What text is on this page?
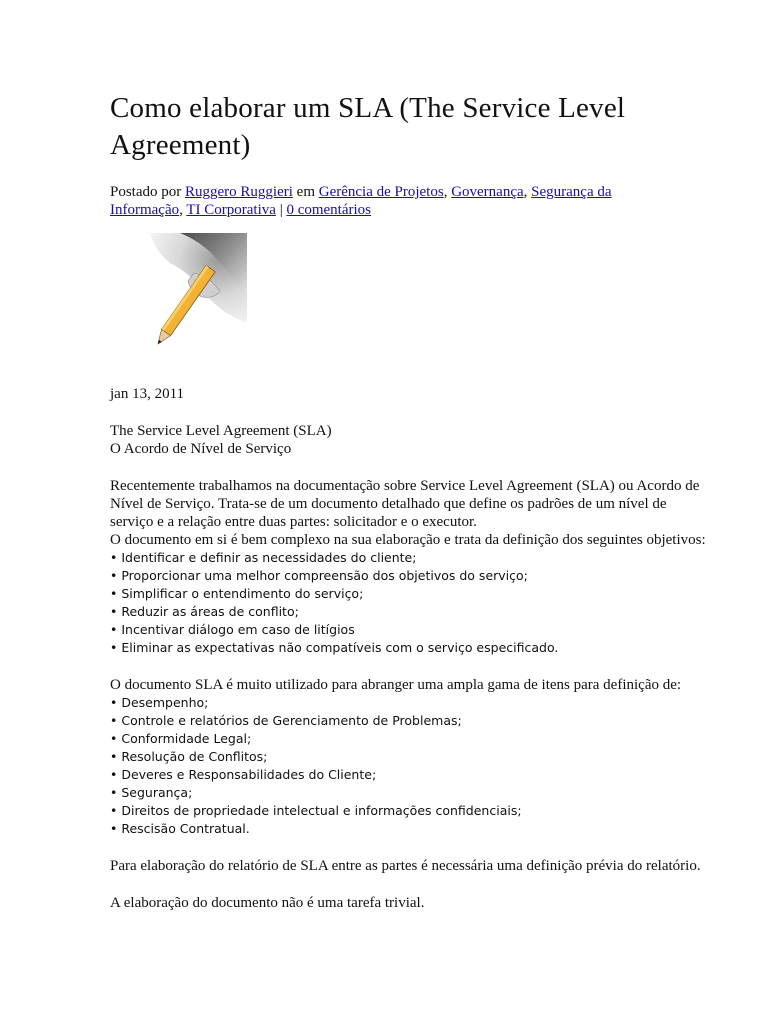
Como elaborar um SLA (The Service Level Agreement)
Postado por Ruggero Ruggieri em Gerência de Projetos, Governança, Segurança da Informação, TI Corporativa | 0 comentários
jan 13, 2011

The Service Level Agreement (SLA)

O Acordo de Nível de Serviço

Recentemente trabalhamos na documentação sobre Service Level Agreement (SLA) ou Acordo de Nível de Serviço. Trata-se de um documento detalhado que define os padrões de um nível de serviço e a relação entre duas partes: solicitador e o executor.

O documento em si é bem complexo na sua elaboração e trata da definição dos seguintes objetivos:

• Identificar e definir as necessidades do cliente;
• Proporcionar uma melhor compreensão dos objetivos do serviço;
• Simplificar o entendimento do serviço;
• Reduzir as áreas de conflito;
• Incentivar diálogo em caso de litígios
• Eliminar as expectativas não compatíveis com o serviço especificado.

O documento SLA é muito utilizado para abranger uma ampla gama de itens para definição de:

• Desempenho;
• Controle e relatórios de Gerenciamento de Problemas;
• Conformidade Legal;
• Resolução de Conflitos;
• Deveres e Responsabilidades do Cliente;
• Segurança;
• Direitos de propriedade intelectual e informações confidenciais;
• Rescisão Contratual.

Para elaboração do relatório de SLA entre as partes é necessária uma definição prévia do relatório.

A elaboração do documento não é uma tarefa trivial.
